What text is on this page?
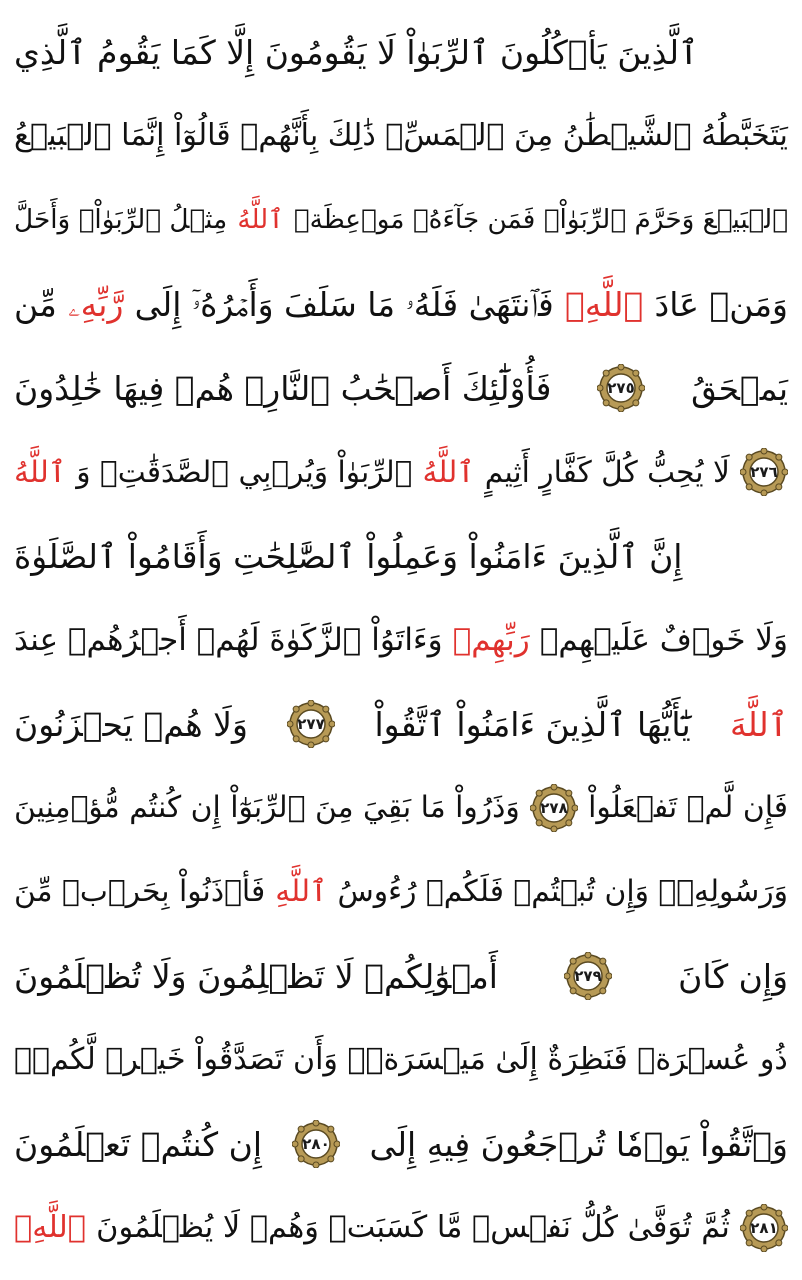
ٱلَّذِينَ يَأۡكُلُونَ ٱلرِّبَوٰاْ لَا يَقُومُونَ إِلَّا كَمَا يَقُومُ ٱلَّذِي
يَتَخَبَّطُهُ ٱلشَّيۡطَٰنُ مِنَ ٱلۡمَسِّۚ ذَٰلِكَ بِأَنَّهُمۡ قَالُوٓاْ إِنَّمَا ٱلۡبَيۡعُ
مِثۡلُ ٱلرِّبَوٰاْۗ وَأَحَلَّ ٱللَّهُ ٱلۡبَيۡعَ وَحَرَّمَ ٱلرِّبَوٰاْۚ فَمَن جَآءَهُۥ مَوۡعِظَةٞ
مِّن رَّبِّهِۦ فَٱنتَهَىٰ فَلَهُۥ مَا سَلَفَ وَأَمۡرُهُۥٓ إِلَى ٱللَّهِۖ وَمَنۡ عَادَ
فَأُوْلَٰٓئِكَ أَصۡحَٰبُ ٱلنَّارِۖ هُمۡ فِيهَا خَٰلِدُونَ	٢٧٥ يَمۡحَقُ
ٱللَّهُ ٱلرِّبَوٰاْ وَيُرۡبِي ٱلصَّدَقَٰتِۗ وَ ٱللَّهُ لَا يُحِبُّ كُلَّ كَفَّارٍ أَثِيمٍ ٢٧٦
إِنَّ ٱلَّذِينَ ءَامَنُواْ وَعَمِلُواْ ٱلصَّٰلِحَٰتِ وَأَقَامُواْ ٱلصَّلَوٰةَ
وَءَاتَوُاْ ٱلزَّكَوٰةَ لَهُمۡ أَجۡرُهُمۡ عِندَ رَبِّهِمۡ وَلَا خَوۡفٌ عَلَيۡهِمۡ
وَلَا هُمۡ يَحۡزَنُونَ	٢٧٧ يَٰٓأَيُّهَا ٱلَّذِينَ ءَامَنُواْ ٱتَّقُواْ ٱللَّهَ
وَذَرُواْ مَا بَقِيَ مِنَ ٱلرِّبَوٰٓاْ إِن كُنتُم مُّؤۡمِنِينَ ٢٧٨ فَإِن لَّمۡ تَفۡعَلُواْ
فَأۡذَنُواْ بِحَرۡبٖ مِّنَ ٱللَّهِ وَرَسُولِهِۦۖ وَإِن تُبۡتُمۡ فَلَكُمۡ رُءُوسُ
أَمۡوَٰلِكُمۡ لَا تَظۡلِمُونَ وَلَا تُظۡلَمُونَ	٢٧٩ وَإِن كَانَ
ذُو عُسۡرَةٖ فَنَظِرَةٌ إِلَىٰ مَيۡسَرَةٖۚ وَأَن تَصَدَّقُواْ خَيۡرٞ لَّكُمۡۖ
إِن كُنتُمۡ تَعۡلَمُونَ	٢٨٠ وَٱتَّقُواْ يَوۡمٗا تُرۡجَعُونَ فِيهِ إِلَى
ٱللَّهِۖ ثُمَّ تُوَفَّىٰ كُلُّ نَفۡسٖ مَّا كَسَبَتۡ وَهُمۡ لَا يُظۡلَمُونَ ٢٨١
